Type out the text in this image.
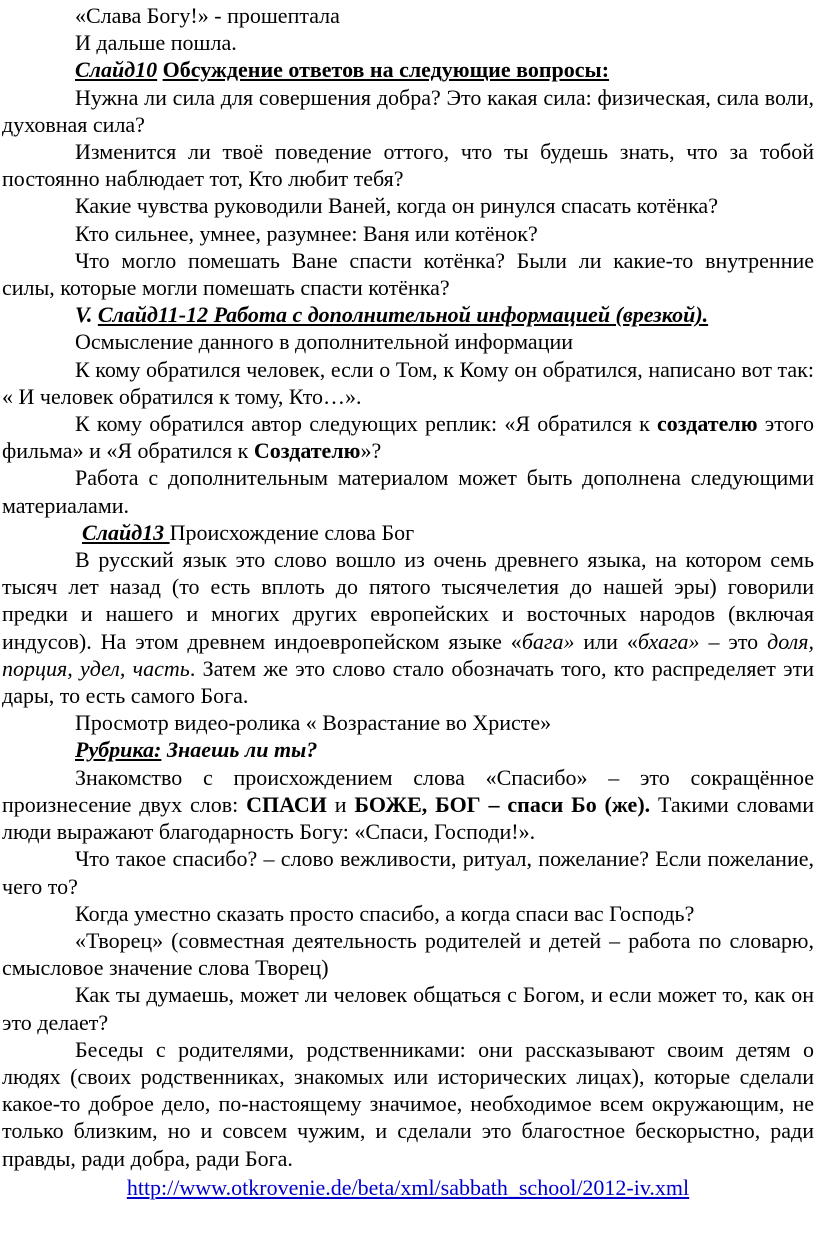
«Слава Богу!» - прошептала

И дальше пошла.

Слайд10 Обсуждение ответов на следующие вопросы:

Нужна ли сила для совершения добра? Это какая сила: физическая, сила воли, духовная сила?

Изменится ли твоё поведение оттого, что ты будешь знать, что за тобой постоянно наблюдает тот, Кто любит тебя?

Какие чувства руководили Ваней, когда он ринулся спасать котёнка?

Кто сильнее, умнее, разумнее: Ваня или котёнок?

Что могло помешать Ване спасти котёнка? Были ли какие-то внутренние силы, которые могли помешать спасти котёнка?

V. Слайд11-12 Работа с дополнительной информацией (врезкой).

Осмысление данного в дополнительной информации

К кому обратился человек, если о Том, к Кому он обратился, написано вот так: « И человек обратился к тому, Кто…».

К кому обратился автор следующих реплик: «Я обратился к создателю этого фильма» и «Я обратился к Создателю»?

Работа с дополнительным материалом может быть дополнена следующими материалами.

Слайд13 Происхождение слова Бог

В русский язык это слово вошло из очень древнего языка, на котором семь тысяч лет назад (то есть вплоть до пятого тысячелетия до нашей эры) говорили предки и нашего и многих других европейских и восточных народов (включая индусов). На этом древнем индоевропейском языке «бага» или «бхага» – это доля, порция, удел, часть. Затем же это слово стало обозначать того, кто распределяет эти дары, то есть самого Бога.

Просмотр видео-ролика « Возрастание во Христе»

Рубрика: Знаешь ли ты?

Знакомство с происхождением слова «Спасибо» – это сокращённое произнесение двух слов: СПАСИ и БОЖЕ, БОГ – спаси Бо (же). Такими словами люди выражают благодарность Богу: «Спаси, Господи!».

Что такое спасибо? – слово вежливости, ритуал, пожелание? Если пожелание, чего то?

Когда уместно сказать просто спасибо, а когда спаси вас Господь?

«Творец» (совместная деятельность родителей и детей – работа по словарю, смысловое значение слова Творец)

Как ты думаешь, может ли человек общаться с Богом, и если может то, как он это делает?

Беседы с родителями, родственниками: они рассказывают своим детям о людях (своих родственниках, знакомых или исторических лицах), которые сделали какое-то доброе дело, по-настоящему значимое, необходимое всем окружающим, не только близким, но и совсем чужим, и сделали это благостное бескорыстно, ради правды, ради добра, ради Бога.

http://www.otkrovenie.de/beta/xml/sabbath_school/2012-iv.xml
